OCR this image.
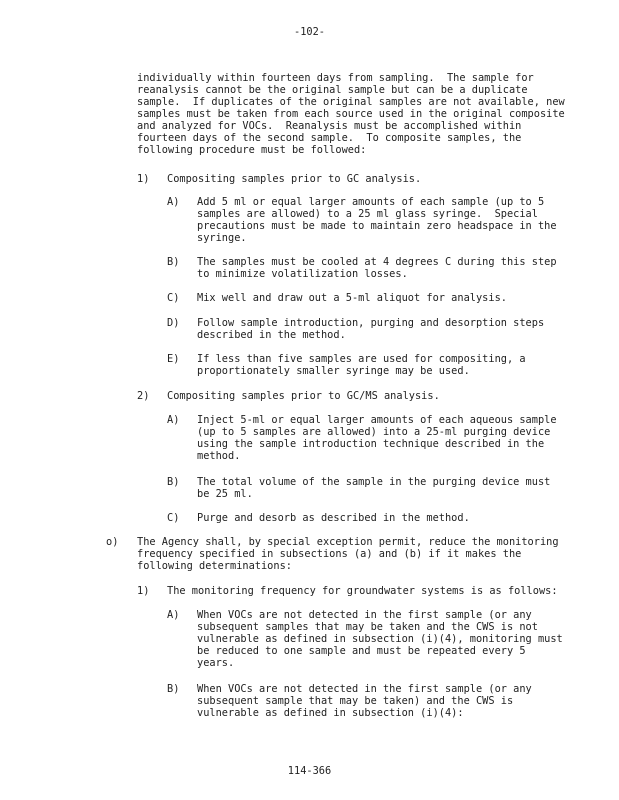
-102-
individually within fourteen days from sampling.  The sample for
reanalysis cannot be the original sample but can be a duplicate
sample.  If duplicates of the original samples are not available, new
samples must be taken from each source used in the original composite
and analyzed for VOCs.  Reanalysis must be accomplished within
fourteen days of the second sample.  To composite samples, the
following procedure must be followed:
1) Compositing samples prior to GC analysis.
A) Add 5 ml or equal larger amounts of each sample (up to 5
samples are allowed) to a 25 ml glass syringe.  Special
precautions must be made to maintain zero headspace in the
syringe.
B) The samples must be cooled at 4 degrees C during this step
to minimize volatilization losses.
C) Mix well and draw out a 5-ml aliquot for analysis.
D) Follow sample introduction, purging and desorption steps
described in the method.
E) If less than five samples are used for compositing, a
proportionately smaller syringe may be used.
2) Compositing samples prior to GC/MS analysis.
A) Inject 5-ml or equal larger amounts of each aqueous sample
(up to 5 samples are allowed) into a 25-ml purging device
using the sample introduction technique described in the
method.
B) The total volume of the sample in the purging device must
be 25 ml.
C) Purge and desorb as described in the method.
o) The Agency shall, by special exception permit, reduce the monitoring
frequency specified in subsections (a) and (b) if it makes the
following determinations:
1) The monitoring frequency for groundwater systems is as follows:
A) When VOCs are not detected in the first sample (or any
subsequent samples that may be taken and the CWS is not
vulnerable as defined in subsection (i)(4), monitoring must
be reduced to one sample and must be repeated every 5
years.
B) When VOCs are not detected in the first sample (or any
subsequent sample that may be taken) and the CWS is
vulnerable as defined in subsection (i)(4):
114-366
